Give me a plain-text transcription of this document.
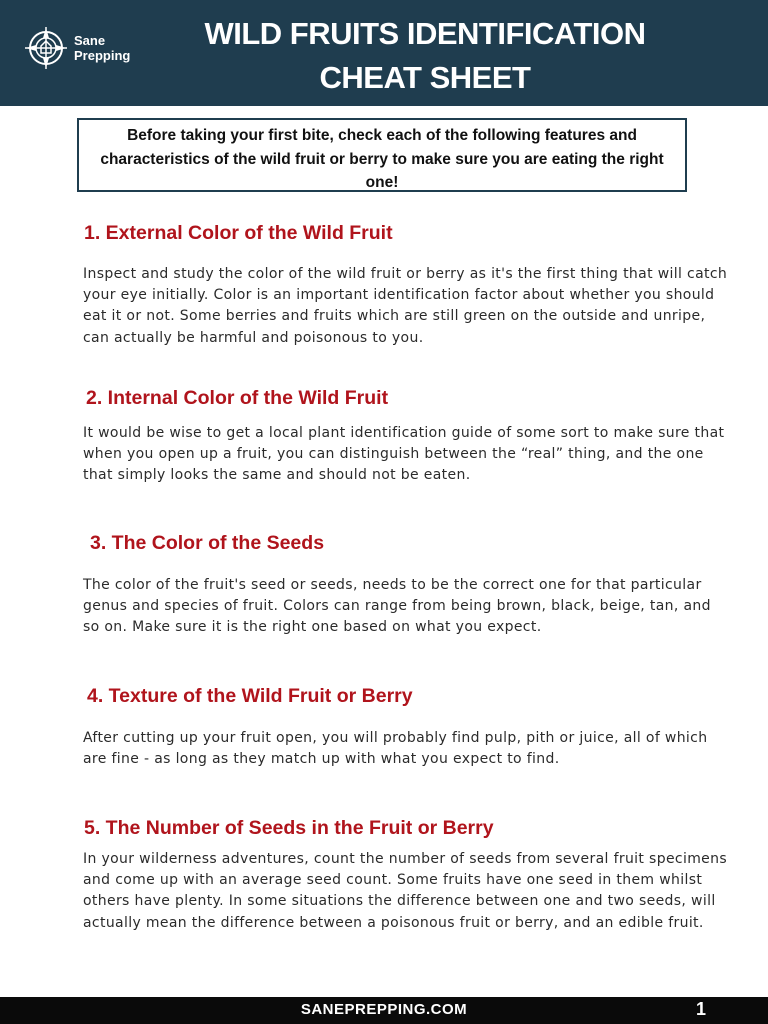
Sane
Prepping
WILD FRUITS IDENTIFICATION
CHEAT SHEET
Before taking your first bite, check each of the following features and characteristics of the wild fruit or berry to make sure you are eating the right one!
1. External Color of the Wild Fruit

Inspect and study the color of the wild fruit or berry as it's the first thing that will catch your eye initially. Color is an important identification factor about whether you should eat it or not. Some berries and fruits which are still green on the outside and unripe, can actually be harmful and poisonous to you.

2. Internal Color of the Wild Fruit

It would be wise to get a local plant identification guide of some sort to make sure that when you open up a fruit, you can distinguish between the “real” thing, and the one that simply looks the same and should not be eaten.

3. The Color of the Seeds

The color of the fruit's seed or seeds, needs to be the correct one for that particular genus and species of fruit. Colors can range from being brown, black, beige, tan, and so on. Make sure it is the right one based on what you expect.

4. Texture of the Wild Fruit or Berry

After cutting up your fruit open, you will probably find pulp, pith or juice, all of which are fine - as long as they match up with what you expect to find.

5. The Number of Seeds in the Fruit or Berry

In your wilderness adventures, count the number of seeds from several fruit specimens and come up with an average seed count. Some fruits have one seed in them whilst others have plenty. In some situations the difference between one and two seeds, will actually mean the difference between a poisonous fruit or berry, and an edible fruit.

SANEPREPPING.COM	1
